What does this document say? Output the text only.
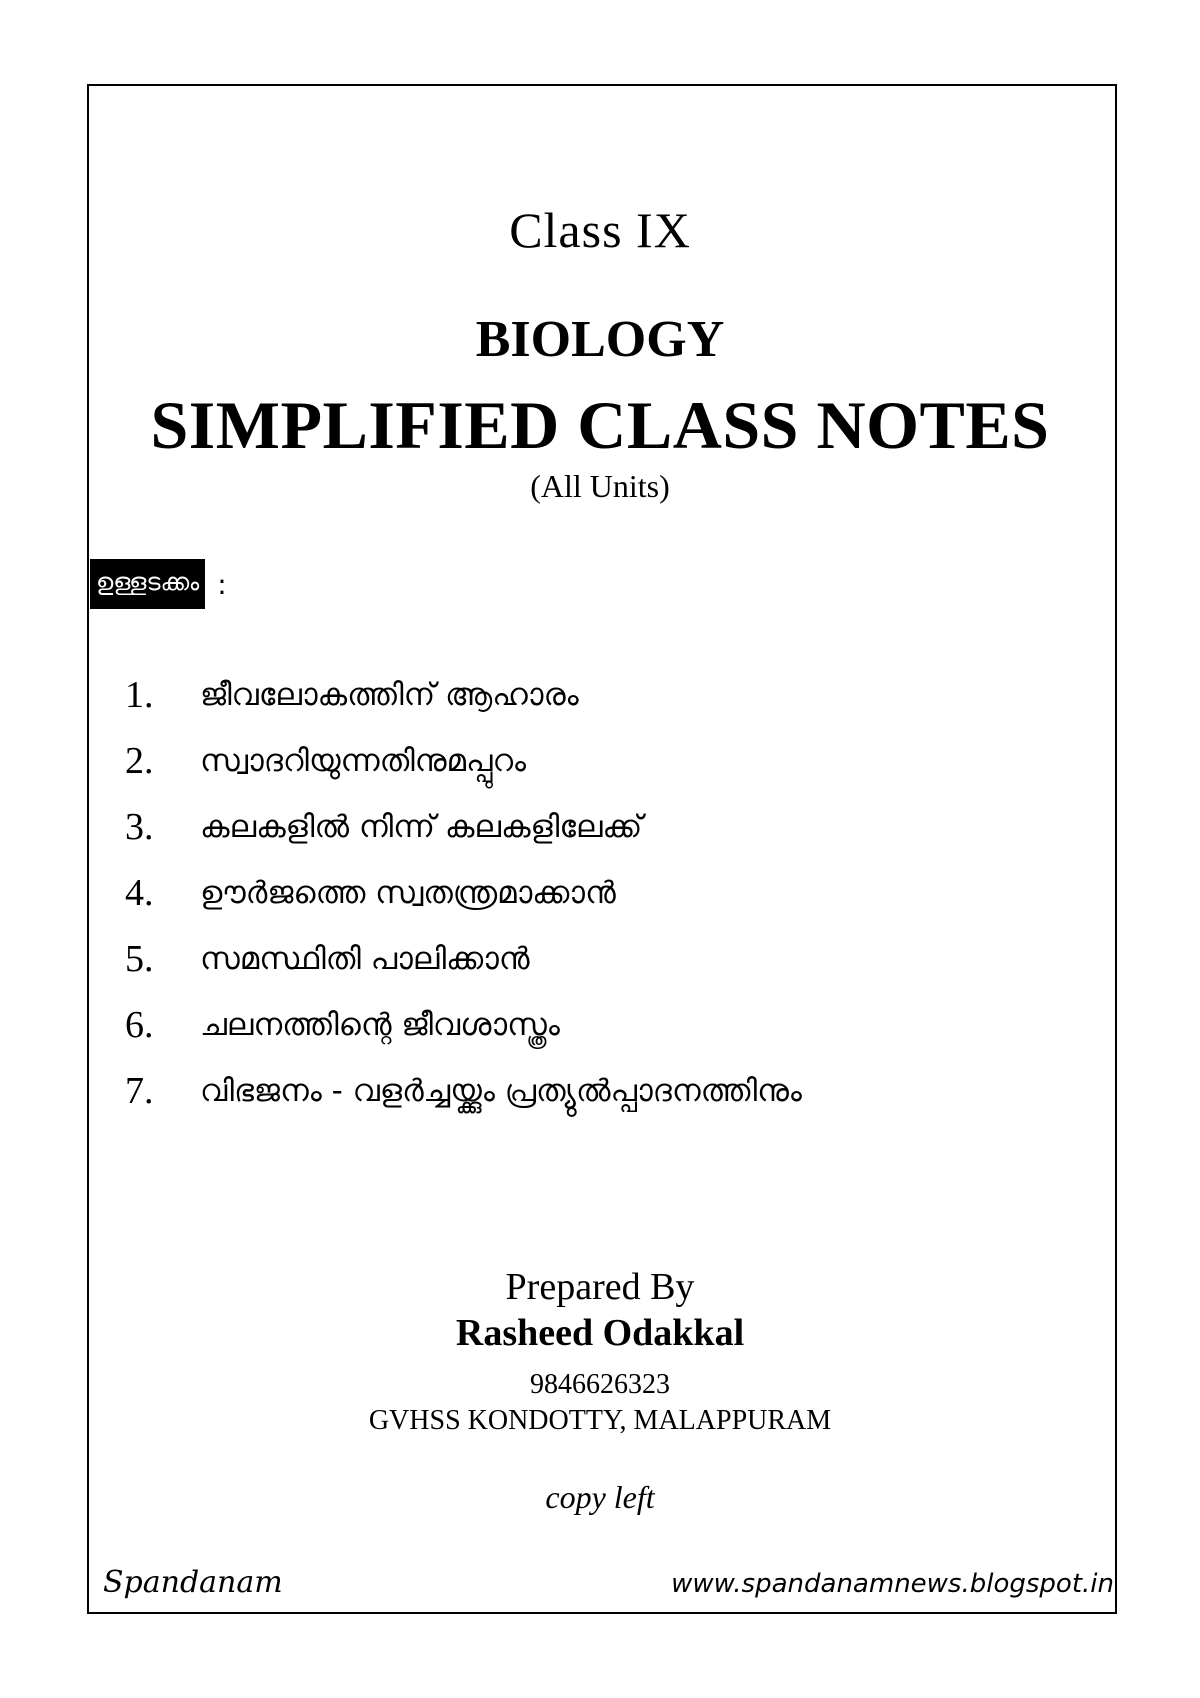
Class IX
BIOLOGY
SIMPLIFIED CLASS NOTES
(All Units)
ഉള്ളടക്കം :
1.	ജീവലോകത്തിന് ആഹാരം
2.	സ്വാദറിയുന്നതിനുമപ്പുറം
3.	കലകളിൽ നിന്ന് കലകളിലേക്ക്
4.	ഊർജത്തെ സ്വതന്ത്രമാക്കാൻ
5.	സമസ്ഥിതി പാലിക്കാൻ
6.	ചലനത്തിന്റെ ജീവശാസ്ത്രം
7.	വിഭജനം - വളർച്ചയ്ക്കും പ്രത്യുൽപ്പാദനത്തിനും
Prepared By
Rasheed Odakkal
9846626323
GVHSS KONDOTTY, MALAPPURAM
copy left
Spandanam	www.spandanamnews.blogspot.in
